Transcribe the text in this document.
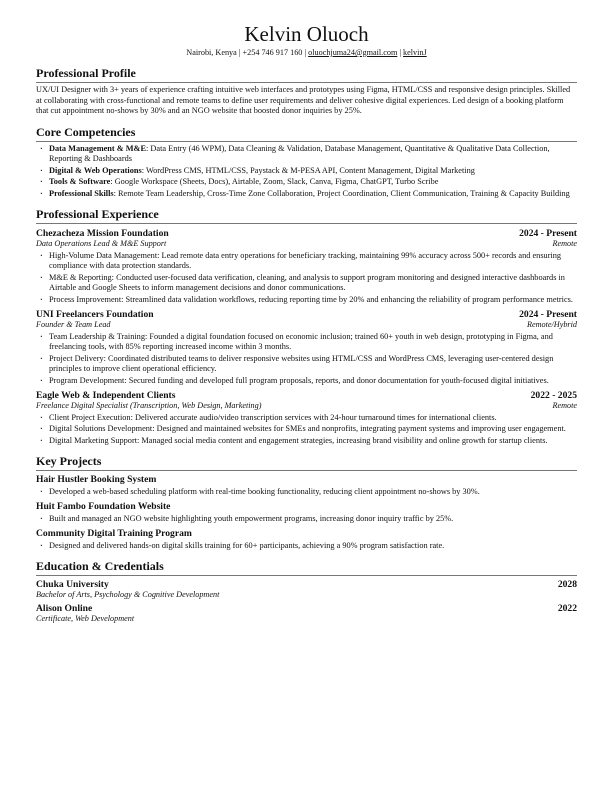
Kelvin Oluoch
Nairobi, Kenya | +254 746 917 160 | oluochjuma24@gmail.com | kelvinJ
Professional Profile
UX/UI Designer with 3+ years of experience crafting intuitive web interfaces and prototypes using Figma, HTML/CSS and responsive design principles. Skilled at collaborating with cross-functional and remote teams to define user requirements and deliver cohesive digital experiences. Led design of a booking platform that cut appointment no-shows by 30% and an NGO website that boosted donor inquiries by 25%.
Core Competencies
· Data Management & M&E: Data Entry (46 WPM), Data Cleaning & Validation, Database Management, Quantitative & Qualitative Data Collection, Reporting & Dashboards
· Digital & Web Operations: WordPress CMS, HTML/CSS, Paystack & M-PESA API, Content Management, Digital Marketing
· Tools & Software: Google Workspace (Sheets, Docs), Airtable, Zoom, Slack, Canva, Figma, ChatGPT, Turbo Scribe
· Professional Skills: Remote Team Leadership, Cross-Time Zone Collaboration, Project Coordination, Client Communication, Training & Capacity Building
Professional Experience
Chezacheza Mission Foundation	2024 - Present
Data Operations Lead & M&E Support	Remote
· High-Volume Data Management: Lead remote data entry operations for beneficiary tracking, maintaining 99% accuracy across 500+ records and ensuring compliance with data protection standards.
· M&E & Reporting: Conducted user-focused data verification, cleaning, and analysis to support program monitoring and designed interactive dashboards in Airtable and Google Sheets to inform management decisions and donor communications.
· Process Improvement: Streamlined data validation workflows, reducing reporting time by 20% and enhancing the reliability of program performance metrics.
UNI Freelancers Foundation	2024 - Present
Founder & Team Lead	Remote/Hybrid
· Team Leadership & Training: Founded a digital foundation focused on economic inclusion; trained 60+ youth in web design, prototyping in Figma, and freelancing tools, with 85% reporting increased income within 3 months.
· Project Delivery: Coordinated distributed teams to deliver responsive websites using HTML/CSS and WordPress CMS, leveraging user-centered design principles to improve client operational efficiency.
· Program Development: Secured funding and developed full program proposals, reports, and donor documentation for youth-focused digital initiatives.
Eagle Web & Independent Clients	2022 - 2025
Freelance Digital Specialist (Transcription, Web Design, Marketing)	Remote
· Client Project Execution: Delivered accurate audio/video transcription services with 24-hour turnaround times for international clients.
· Digital Solutions Development: Designed and maintained websites for SMEs and nonprofits, integrating payment systems and improving user engagement.
· Digital Marketing Support: Managed social media content and engagement strategies, increasing brand visibility and online growth for startup clients.
Key Projects
Hair Hustler Booking System
· Developed a web-based scheduling platform with real-time booking functionality, reducing client appointment no-shows by 30%.
Huit Fambo Foundation Website
· Built and managed an NGO website highlighting youth empowerment programs, increasing donor inquiry traffic by 25%.
Community Digital Training Program
· Designed and delivered hands-on digital skills training for 60+ participants, achieving a 90% program satisfaction rate.
Education & Credentials
Chuka University	2028
Bachelor of Arts, Psychology & Cognitive Development
Alison Online	2022
Certificate, Web Development
